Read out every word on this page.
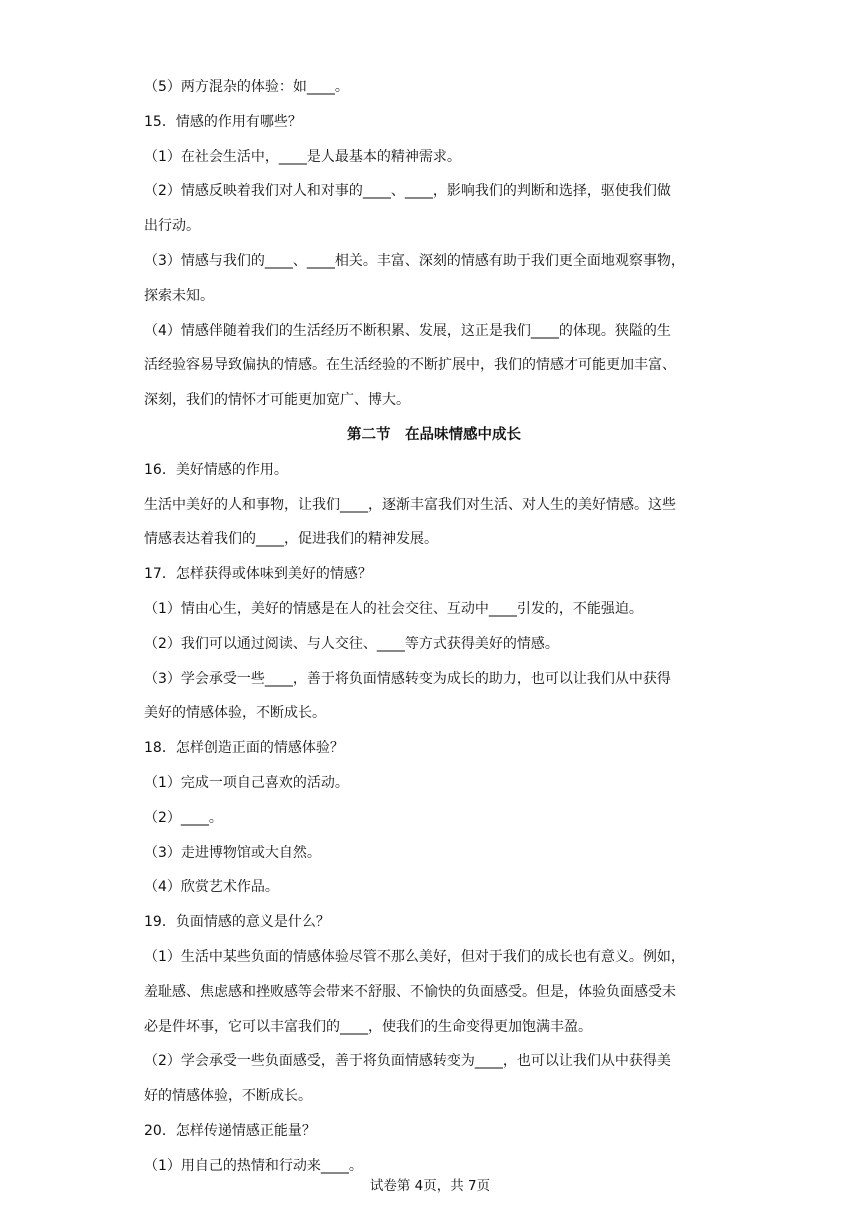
（5）两方混杂的体验：如____。
15．情感的作用有哪些？
（1）在社会生活中，____是人最基本的精神需求。
（2）情感反映着我们对人和对事的____、____，影响我们的判断和选择，驱使我们做
出行动。
（3）情感与我们的____、____相关。丰富、深刻的情感有助于我们更全面地观察事物，
探索未知。
（4）情感伴随着我们的生活经历不断积累、发展，这正是我们____的体现。狭隘的生
活经验容易导致偏执的情感。在生活经验的不断扩展中，我们的情感才可能更加丰富、
深刻，我们的情怀才可能更加宽广、博大。
第二节　在品味情感中成长
16．美好情感的作用。
生活中美好的人和事物，让我们____，逐渐丰富我们对生活、对人生的美好情感。这些
情感表达着我们的____，促进我们的精神发展。
17．怎样获得或体味到美好的情感？
（1）情由心生，美好的情感是在人的社会交往、互动中____引发的，不能强迫。
（2）我们可以通过阅读、与人交往、____等方式获得美好的情感。
（3）学会承受一些____，善于将负面情感转变为成长的助力，也可以让我们从中获得
美好的情感体验，不断成长。
18．怎样创造正面的情感体验？
（1）完成一项自己喜欢的活动。
（2）____。
（3）走进博物馆或大自然。
（4）欣赏艺术作品。
19．负面情感的意义是什么？
（1）生活中某些负面的情感体验尽管不那么美好，但对于我们的成长也有意义。例如，
羞耻感、焦虑感和挫败感等会带来不舒服、不愉快的负面感受。但是，体验负面感受未
必是件坏事，它可以丰富我们的____，使我们的生命变得更加饱满丰盈。
（2）学会承受一些负面感受，善于将负面情感转变为____，也可以让我们从中获得美
好的情感体验，不断成长。
20．怎样传递情感正能量？
（1）用自己的热情和行动来____。
试卷第 4页，共 7页
